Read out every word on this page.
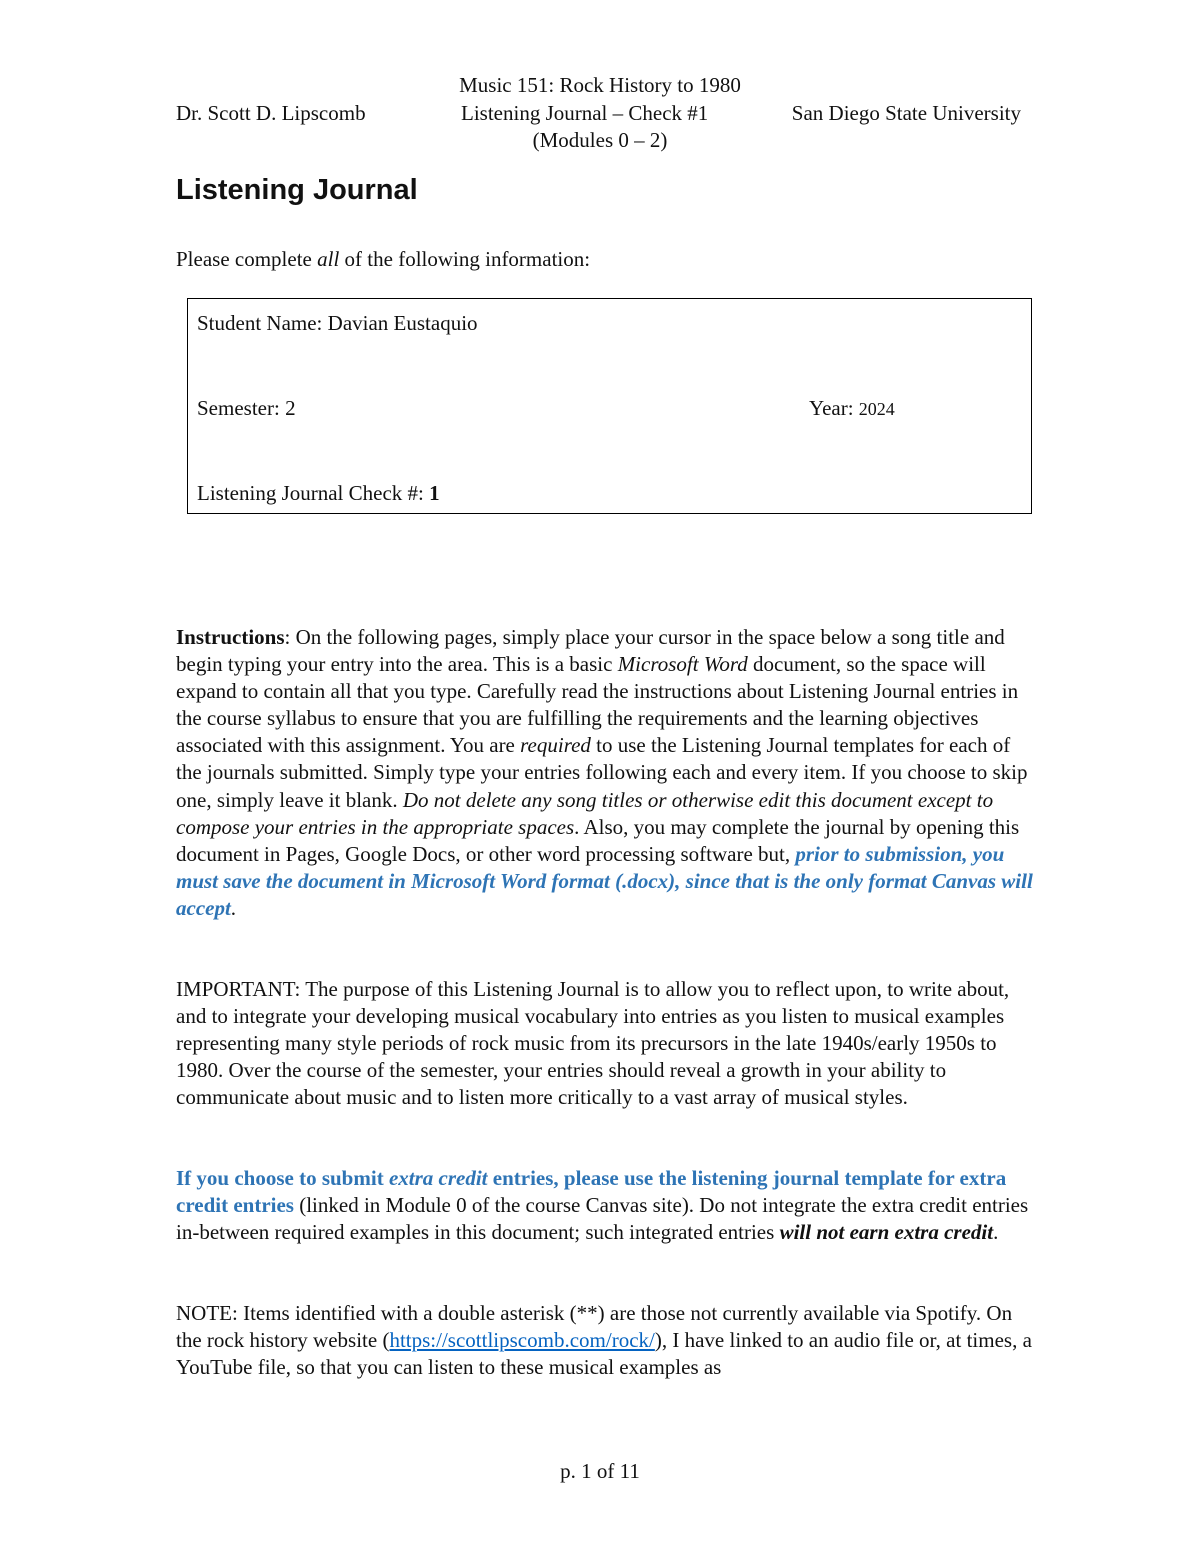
Music 151: Rock History to 1980
Dr. Scott D. Lipscomb	Listening Journal – Check #1	San Diego State University
(Modules 0 – 2)
Listening Journal
Please complete all of the following information:
Student Name: Davian Eustaquio
Semester: 2	Year: 2024
Listening Journal Check #: 1

Instructions: On the following pages, simply place your cursor in the space below a song title and begin typing your entry into the area. This is a basic Microsoft Word document, so the space will expand to contain all that you type. Carefully read the instructions about Listening Journal entries in the course syllabus to ensure that you are fulfilling the requirements and the learning objectives associated with this assignment. You are required to use the Listening Journal templates for each of the journals submitted. Simply type your entries following each and every item. If you choose to skip one, simply leave it blank. Do not delete any song titles or otherwise edit this document except to compose your entries in the appropriate spaces. Also, you may complete the journal by opening this document in Pages, Google Docs, or other word processing software but, prior to submission, you must save the document in Microsoft Word format (.docx), since that is the only format Canvas will accept.

IMPORTANT: The purpose of this Listening Journal is to allow you to reflect upon, to write about, and to integrate your developing musical vocabulary into entries as you listen to musical examples representing many style periods of rock music from its precursors in the late 1940s/early 1950s to 1980. Over the course of the semester, your entries should reveal a growth in your ability to communicate about music and to listen more critically to a vast array of musical styles.

If you choose to submit extra credit entries, please use the listening journal template for extra credit entries (linked in Module 0 of the course Canvas site). Do not integrate the extra credit entries in-between required examples in this document; such integrated entries will not earn extra credit.

NOTE: Items identified with a double asterisk (**) are those not currently available via Spotify. On the rock history website (https://scottlipscomb.com/rock/), I have linked to an audio file or, at times, a YouTube file, so that you can listen to these musical examples as

p. 1 of 11
